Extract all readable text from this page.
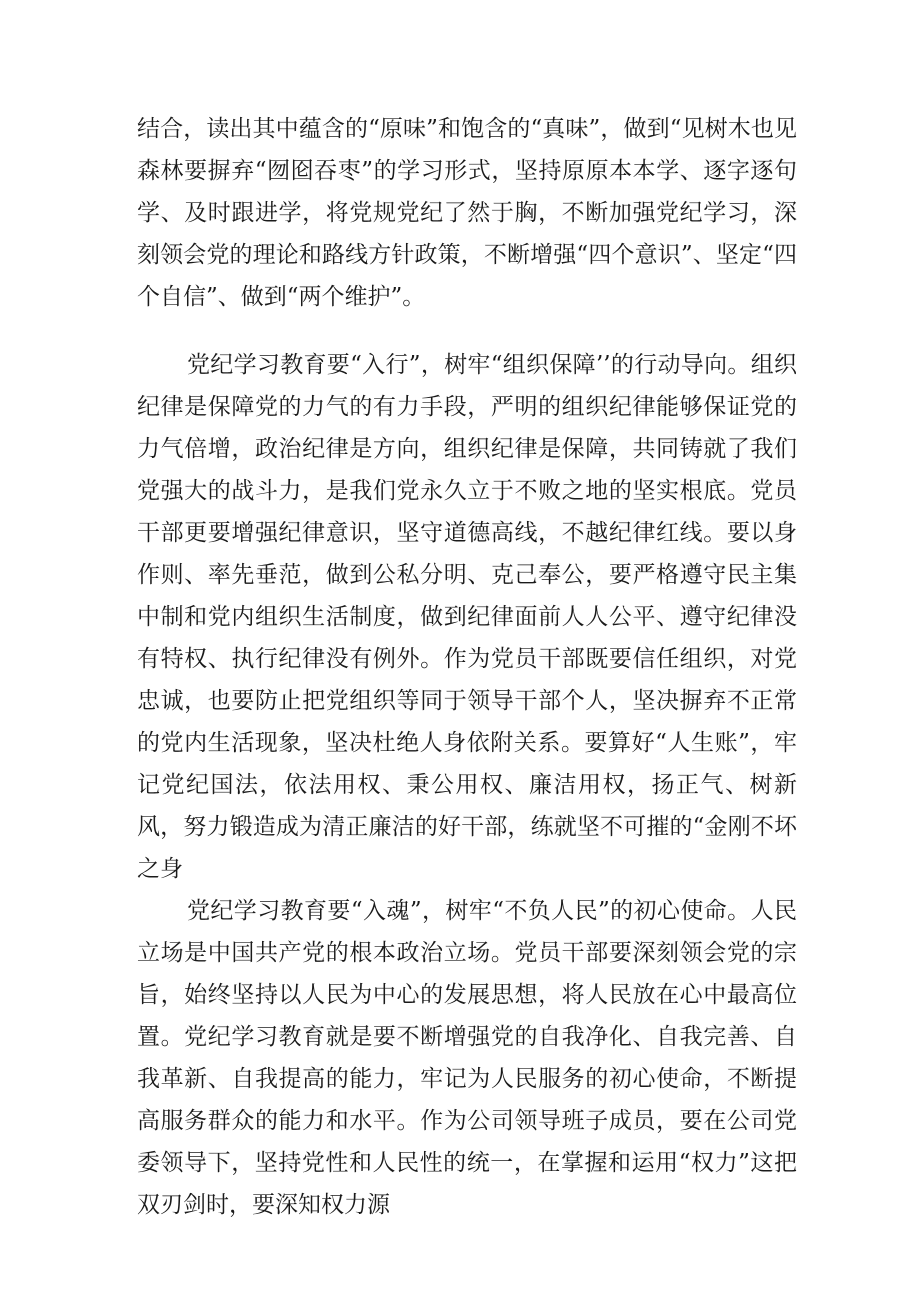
结合，读出其中蕴含的“原味”和饱含的“真味”，做到“见树木也见森林要摒弃“囫囵吞枣”的学习形式，坚持原原本本学、逐字逐句学、及时跟进学，将党规党纪了然于胸，不断加强党纪学习，深刻领会党的理论和路线方针政策，不断增强“四个意识”、坚定“四个自信”、做到“两个维护”。

党纪学习教育要“入行”，树牢“组织保障’’的行动导向。组织纪律是保障党的力气的有力手段，严明的组织纪律能够保证党的力气倍增，政治纪律是方向，组织纪律是保障，共同铸就了我们党强大的战斗力，是我们党永久立于不败之地的坚实根底。党员干部更要增强纪律意识，坚守道德高线，不越纪律红线。要以身作则、率先垂范，做到公私分明、克己奉公，要严格遵守民主集中制和党内组织生活制度，做到纪律面前人人公平、遵守纪律没有特权、执行纪律没有例外。作为党员干部既要信任组织，对党忠诚，也要防止把党组织等同于领导干部个人，坚决摒弃不正常的党内生活现象，坚决杜绝人身依附关系。要算好“人生账”，牢记党纪国法，依法用权、秉公用权、廉洁用权，扬正气、树新风，努力锻造成为清正廉洁的好干部，练就坚不可摧的“金刚不坏之身

党纪学习教育要“入魂”，树牢“不负人民”的初心使命。人民立场是中国共产党的根本政治立场。党员干部要深刻领会党的宗旨，始终坚持以人民为中心的发展思想，将人民放在心中最高位置。党纪学习教育就是要不断增强党的自我净化、自我完善、自我革新、自我提高的能力，牢记为人民服务的初心使命，不断提高服务群众的能力和水平。作为公司领导班子成员，要在公司党委领导下，坚持党性和人民性的统一，在掌握和运用“权力”这把双刃剑时，要深知权力源
